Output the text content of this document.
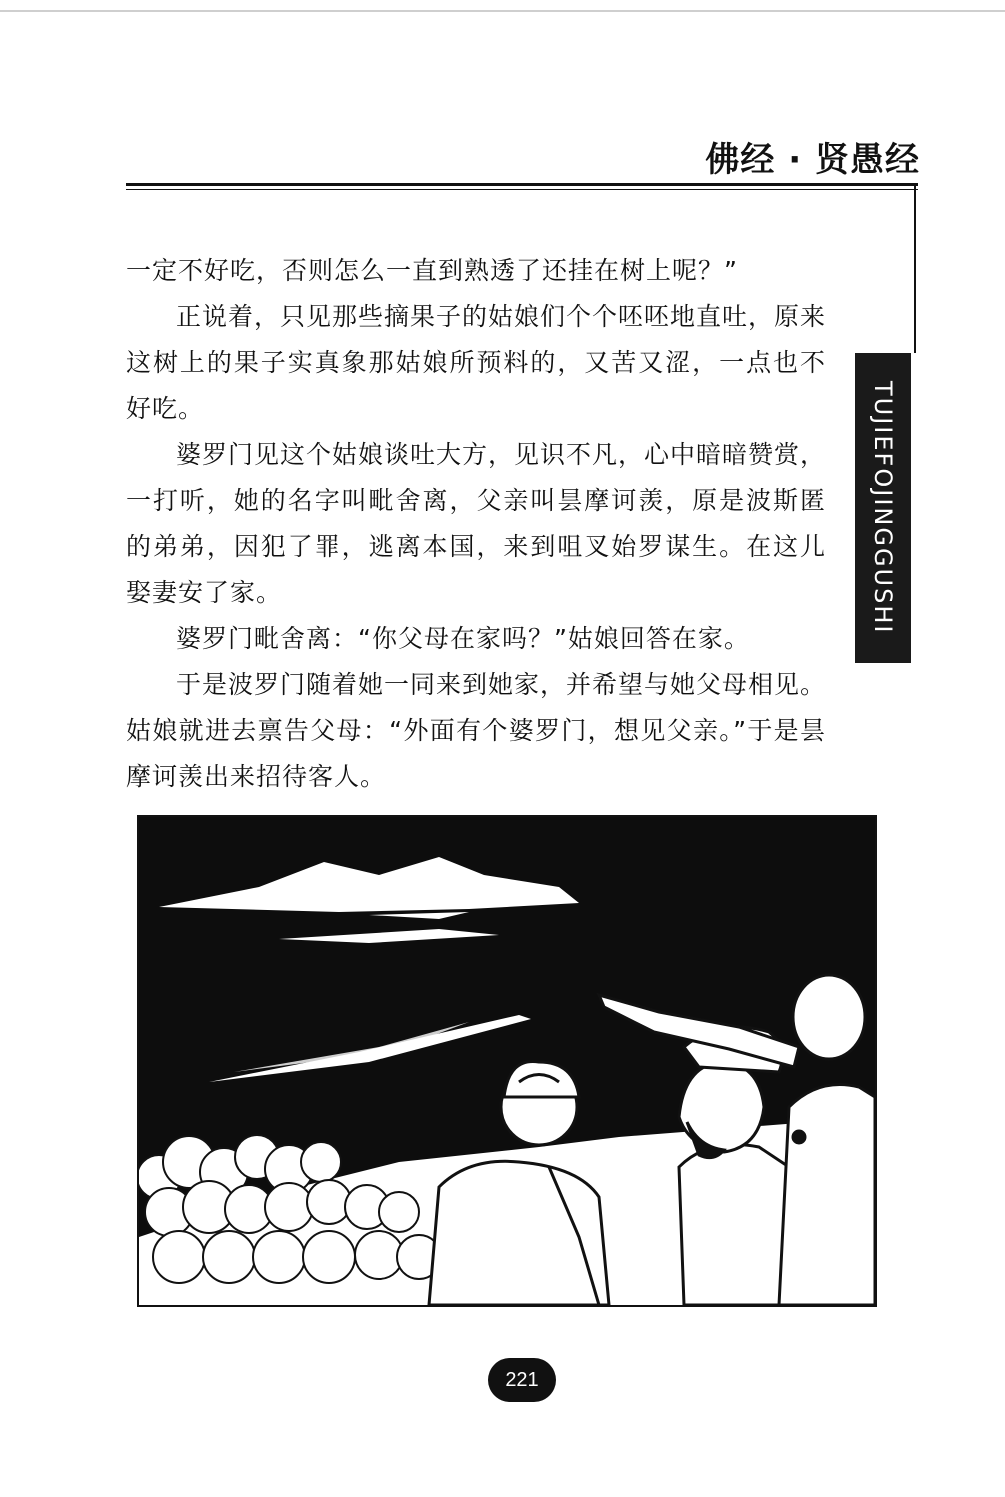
佛经 · 贤愚经
TUJIEFOJINGGUSHI

一定不好吃，否则怎么一直到熟透了还挂在树上呢？”

正说着，只见那些摘果子的姑娘们个个呸呸地直吐，原来这树上的果子实真象那姑娘所预料的，又苦又涩，一点也不好吃。

婆罗门见这个姑娘谈吐大方，见识不凡，心中暗暗赞赏，一打听，她的名字叫毗舍离，父亲叫昙摩诃羡，原是波斯匿的弟弟，因犯了罪，逃离本国，来到咀叉始罗谋生。在这儿娶妻安了家。

婆罗门毗舍离：“你父母在家吗？”姑娘回答在家。

于是波罗门随着她一同来到她家，并希望与她父母相见。姑娘就进去禀告父母：“外面有个婆罗门，想见父亲。”于是昙摩诃羡出来招待客人。

221
